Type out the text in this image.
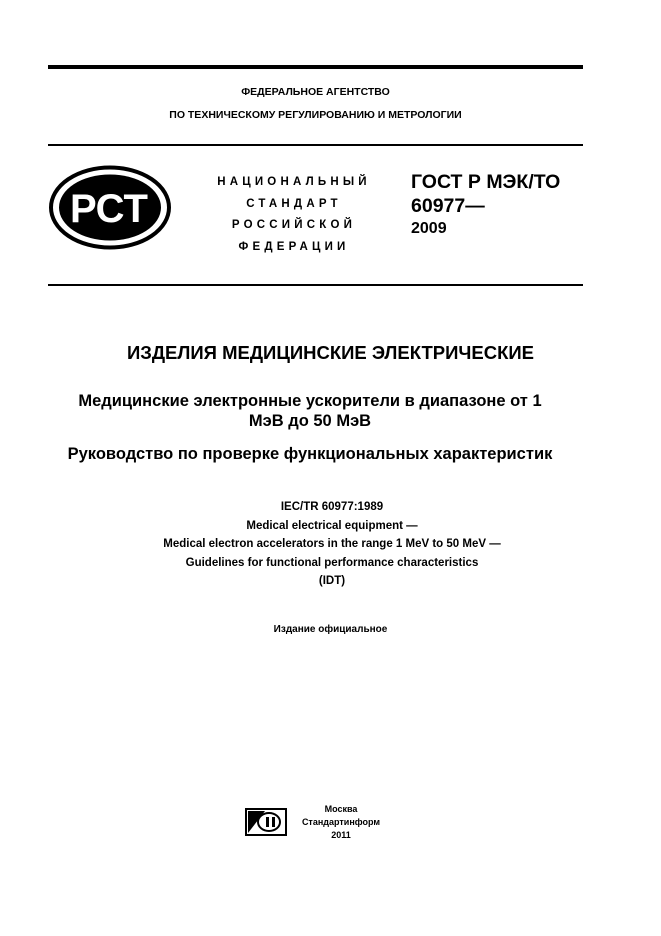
ФЕДЕРАЛЬНОЕ АГЕНТСТВО
ПО ТЕХНИЧЕСКОМУ РЕГУЛИРОВАНИЮ И МЕТРОЛОГИИ
РСТ
НАЦИОНАЛЬНЫЙ
СТАНДАРТ
РОССИЙСКОЙ
ФЕДЕРАЦИИ
ГОСТ Р МЭК/ТО
60977—
2009
ИЗДЕЛИЯ МЕДИЦИНСКИЕ ЭЛЕКТРИЧЕСКИЕ
Медицинские электронные ускорители в диапазоне от 1 МэВ до 50 МэВ
Руководство по проверке функциональных характеристик
IEC/TR 60977:1989
Medical electrical equipment —
Medical electron accelerators in the range 1 MeV to 50 MeV —
Guidelines for functional performance characteristics
(IDT)
Издание официальное
Москва
Стандартинформ
2011
